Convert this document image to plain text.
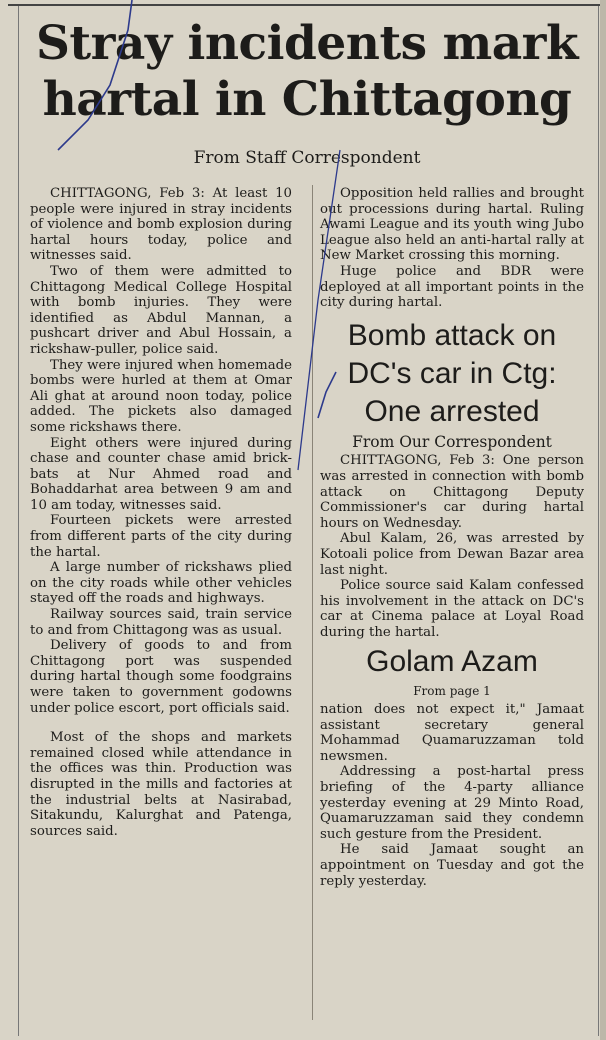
Stray incidents mark
hartal in Chittagong
From Staff Correspondent

CHITTAGONG, Feb 3: At least 10 people were injured in stray incidents of violence and bomb explosion during hartal hours today, police and witnesses said.

Two of them were admitted to Chittagong Medical College Hospital with bomb injuries. They were identified as Abdul Mannan, a pushcart driver and Abul Hossain, a rickshaw-puller, police said.

They were injured when homemade bombs were hurled at them at Omar Ali ghat at around noon today, police added. The pickets also damaged some rickshaws there.

Eight others were injured during chase and counter chase amid brick-bats at Nur Ahmed road and Bohaddarhat area between 9 am and 10 am today, witnesses said.

Fourteen pickets were arrested from different parts of the city during the hartal.

A large number of rickshaws plied on the city roads while other vehicles stayed off the roads and highways.

Railway sources said, train service to and from Chittagong was as usual.

Delivery of goods to and from Chittagong port was suspended during hartal though some foodgrains were taken to government godowns under police escort, port officials said.

Most of the shops and markets remained closed while attendance in the offices was thin. Production was disrupted in the mills and factories at the industrial belts at Nasirabad, Sitakundu, Kalurghat and Patenga, sources said.

Opposition held rallies and brought out processions during hartal. Ruling Awami League and its youth wing Jubo League also held an anti-hartal rally at New Market crossing this morning.

Huge police and BDR were deployed at all important points in the city during hartal.

Bomb attack on
DC's car in Ctg:
One arrested
From Our Correspondent

CHITTAGONG, Feb 3: One person was arrested in connection with bomb attack on Chittagong Deputy Commissioner's car during hartal hours on Wednesday.

Abul Kalam, 26, was arrested by Kotoali police from Dewan Bazar area last night.

Police source said Kalam confessed his involvement in the attack on DC's car at Cinema palace at Loyal Road during the hartal.

Golam Azam
From page 1

nation does not expect it," Jamaat assistant secretary general Mohammad Quamaruzzaman told newsmen.

Addressing a post-hartal press briefing of the 4-party alliance yesterday evening at 29 Minto Road, Quamaruzzaman said they condemn such gesture from the President.

He said Jamaat sought an appointment on Tuesday and got the reply yesterday.
